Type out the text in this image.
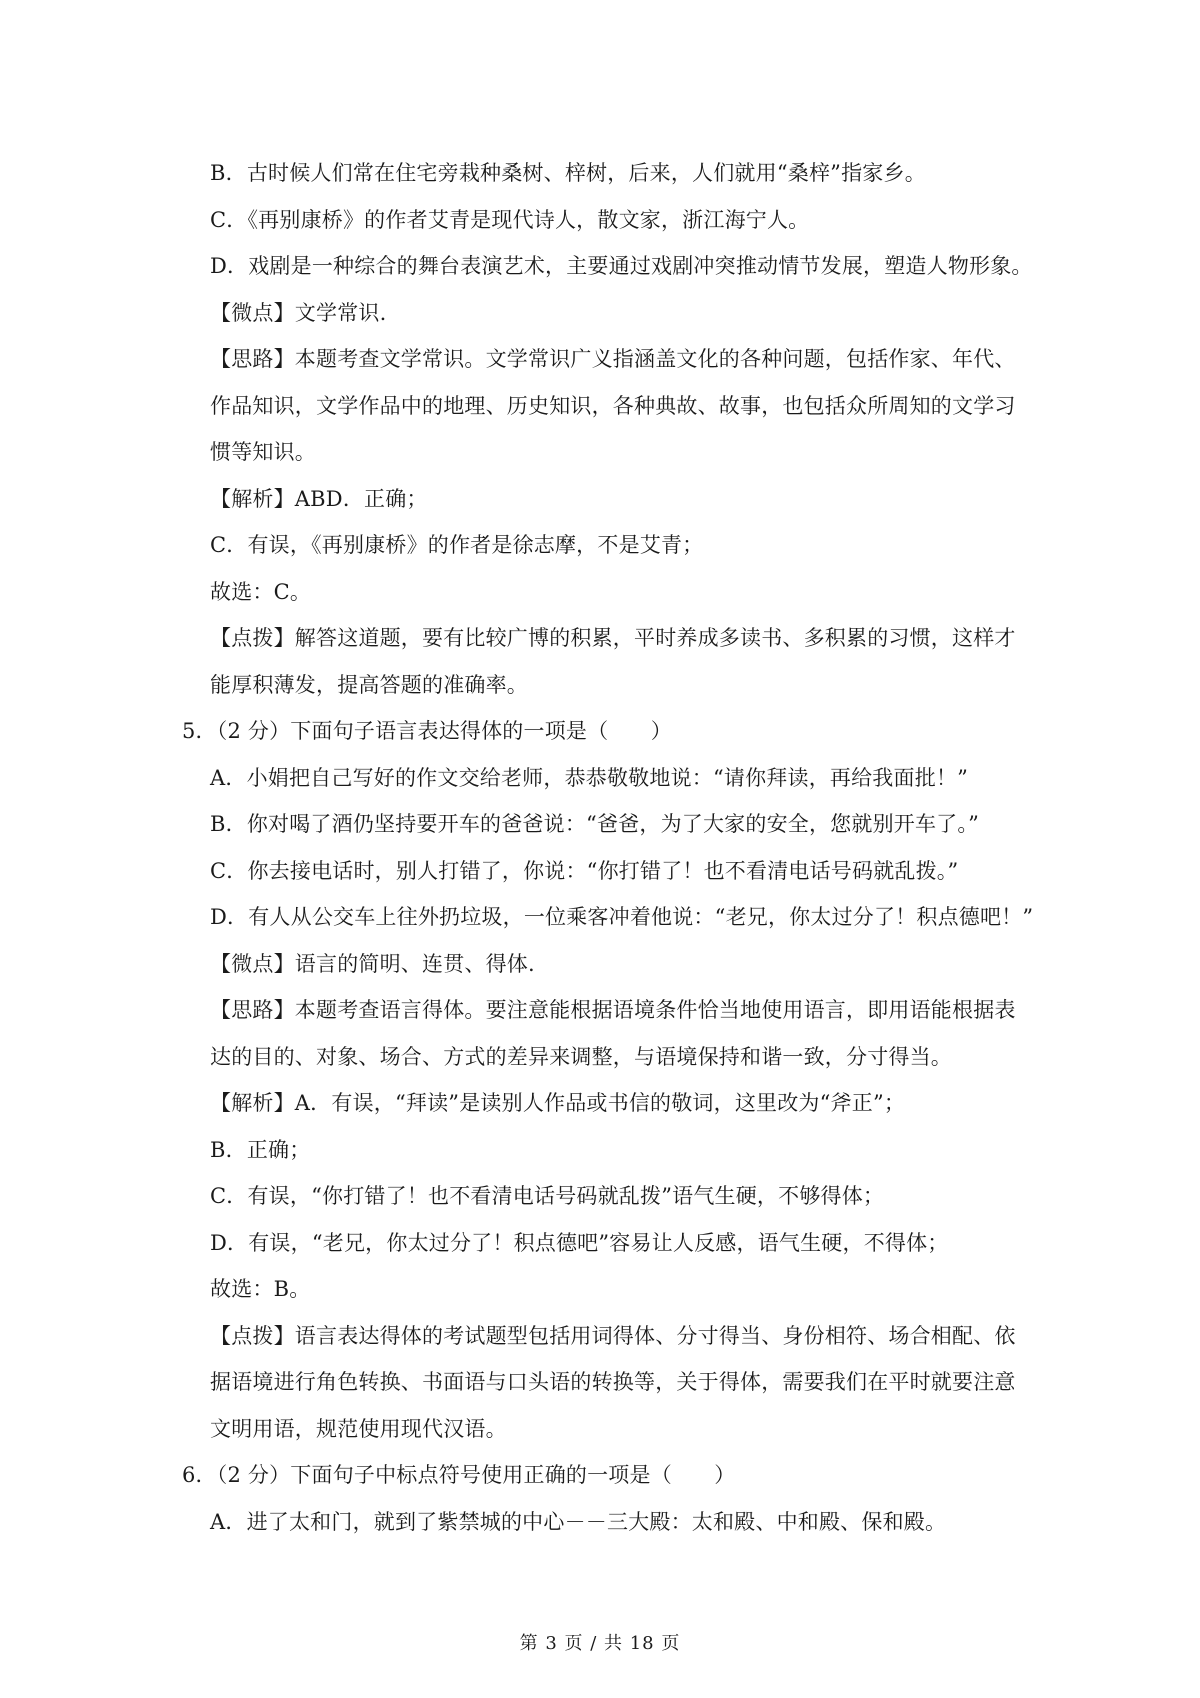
B．古时候人们常在住宅旁栽种桑树、梓树，后来，人们就用“桑梓”指家乡。
C．《再别康桥》的作者艾青是现代诗人，散文家，浙江海宁人。
D．戏剧是一种综合的舞台表演艺术，主要通过戏剧冲突推动情节发展，塑造人物形象。
【微点】文学常识.
【思路】本题考查文学常识。文学常识广义指涵盖文化的各种问题，包括作家、年代、
作品知识，文学作品中的地理、历史知识，各种典故、故事，也包括众所周知的文学习
惯等知识。
【解析】ABD．正确；
C．有误，《再别康桥》的作者是徐志摩，不是艾青；
故选：C。
【点拨】解答这道题，要有比较广博的积累，平时养成多读书、多积累的习惯，这样才
能厚积薄发，提高答题的准确率。
5．（2 分）下面句子语言表达得体的一项是（　　）
A．小娟把自己写好的作文交给老师，恭恭敬敬地说：“请你拜读，再给我面批！”
B．你对喝了酒仍坚持要开车的爸爸说：“爸爸，为了大家的安全，您就别开车了。”
C．你去接电话时，别人打错了，你说：“你打错了！也不看清电话号码就乱拨。”
D．有人从公交车上往外扔垃圾，一位乘客冲着他说：“老兄，你太过分了！积点德吧！”
【微点】语言的简明、连贯、得体.
【思路】本题考查语言得体。要注意能根据语境条件恰当地使用语言，即用语能根据表
达的目的、对象、场合、方式的差异来调整，与语境保持和谐一致，分寸得当。
【解析】A．有误，“拜读”是读别人作品或书信的敬词，这里改为“斧正”；
B．正确；
C．有误，“你打错了！也不看清电话号码就乱拨”语气生硬，不够得体；
D．有误，“老兄，你太过分了！积点德吧”容易让人反感，语气生硬，不得体；
故选：B。
【点拨】语言表达得体的考试题型包括用词得体、分寸得当、身份相符、场合相配、依
据语境进行角色转换、书面语与口头语的转换等，关于得体，需要我们在平时就要注意
文明用语，规范使用现代汉语。
6．（2 分）下面句子中标点符号使用正确的一项是（　　）
A．进了太和门，就到了紫禁城的中心－－三大殿：太和殿、中和殿、保和殿。
第 3 页 / 共 18 页
